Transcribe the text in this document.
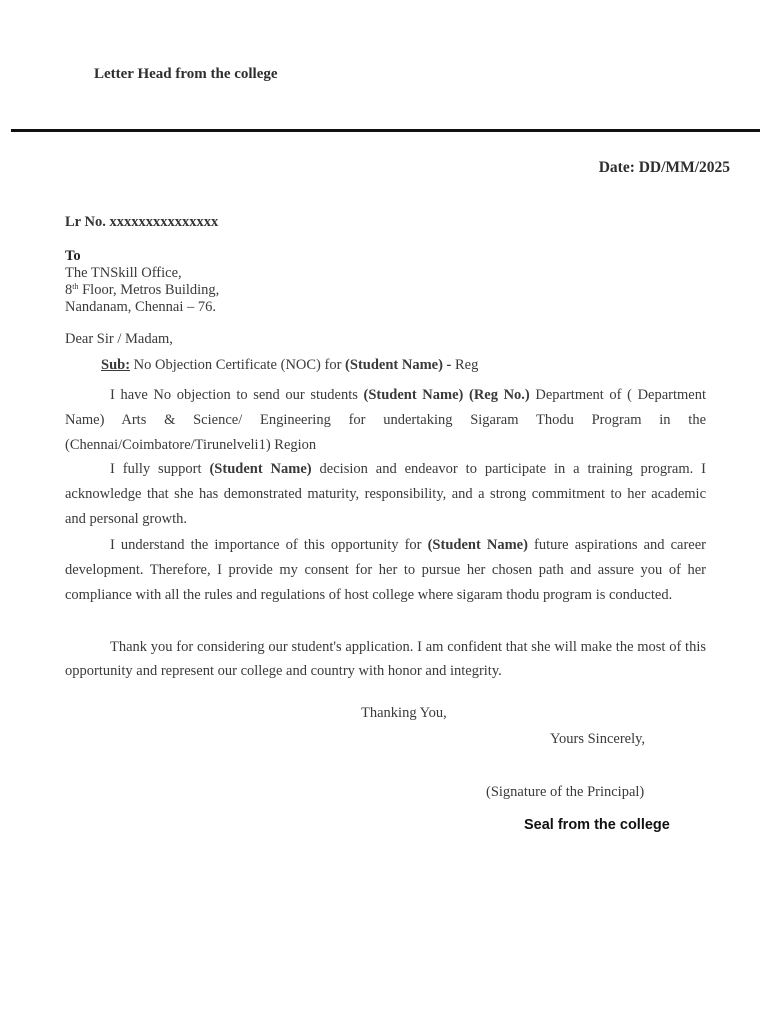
Letter Head from the college
Date: DD/MM/2025
Lr No. xxxxxxxxxxxxxxx
To
The TNSkill Office,
8th Floor, Metros Building,
Nandanam, Chennai – 76.
Dear Sir / Madam,
Sub: No Objection Certificate (NOC) for (Student Name) - Reg
I have No objection to send our students (Student Name) (Reg No.) Department of ( Department Name) Arts & Science/ Engineering for undertaking Sigaram Thodu Program in the (Chennai/Coimbatore/Tirunelveli1) Region
I fully support (Student Name) decision and endeavor to participate in a training program. I acknowledge that she has demonstrated maturity, responsibility, and a strong commitment to her academic and personal growth.
I understand the importance of this opportunity for (Student Name) future aspirations and career development. Therefore, I provide my consent for her to pursue her chosen path and assure you of her compliance with all the rules and regulations of host college where sigaram thodu program is conducted.
Thank you for considering our student's application. I am confident that she will make the most of this opportunity and represent our college and country with honor and integrity.
Thanking You,
Yours Sincerely,
(Signature of the Principal)
Seal from the college
